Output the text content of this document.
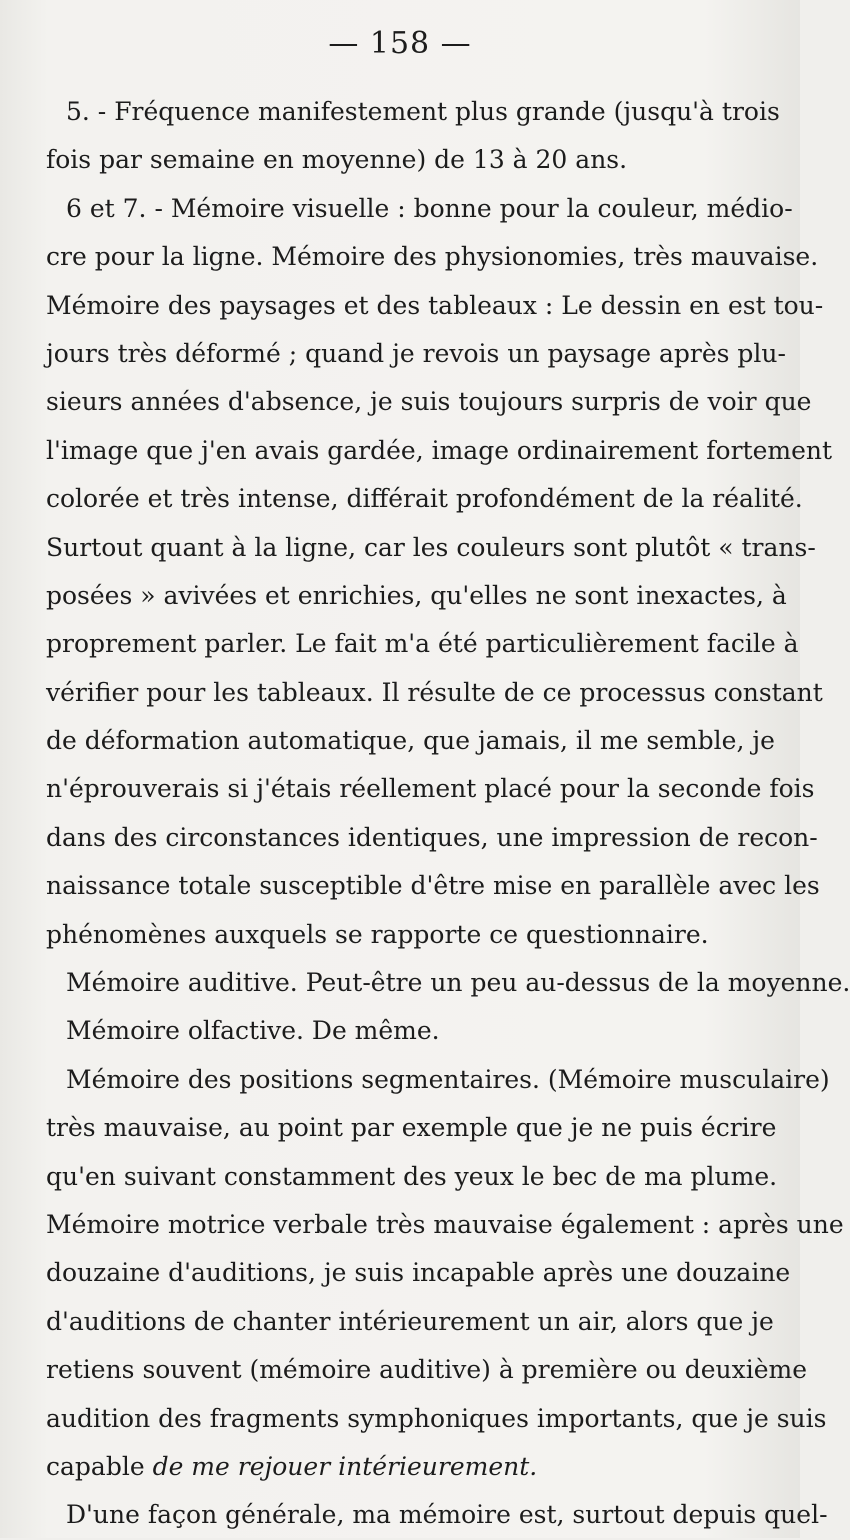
— 158 —
5. - Fréquence manifestement plus grande (jusqu'à trois
fois par semaine en moyenne) de 13 à 20 ans.
6 et 7. - Mémoire visuelle : bonne pour la couleur, médio-
cre pour la ligne. Mémoire des physionomies, très mauvaise.
Mémoire des paysages et des tableaux : Le dessin en est tou-
jours très déformé ; quand je revois un paysage après plu-
sieurs années d'absence, je suis toujours surpris de voir que
l'image que j'en avais gardée, image ordinairement fortement
colorée et très intense, différait profondément de la réalité.
Surtout quant à la ligne, car les couleurs sont plutôt « trans-
posées » avivées et enrichies, qu'elles ne sont inexactes, à
proprement parler. Le fait m'a été particulièrement facile à
vérifier pour les tableaux. Il résulte de ce processus constant
de déformation automatique, que jamais, il me semble, je
n'éprouverais si j'étais réellement placé pour la seconde fois
dans des circonstances identiques, une impression de recon-
naissance totale susceptible d'être mise en parallèle avec les
phénomènes auxquels se rapporte ce questionnaire.
Mémoire auditive. Peut-être un peu au-dessus de la moyenne.
Mémoire olfactive. De même.
Mémoire des positions segmentaires. (Mémoire musculaire)
très mauvaise, au point par exemple que je ne puis écrire
qu'en suivant constamment des yeux le bec de ma plume.
Mémoire motrice verbale très mauvaise également : après une
douzaine d'auditions, je suis incapable après une douzaine
d'auditions de chanter intérieurement un air, alors que je
retiens souvent (mémoire auditive) à première ou deuxième
audition des fragments symphoniques importants, que je suis
capable de me rejouer intérieurement.
D'une façon générale, ma mémoire est, surtout depuis quel-
